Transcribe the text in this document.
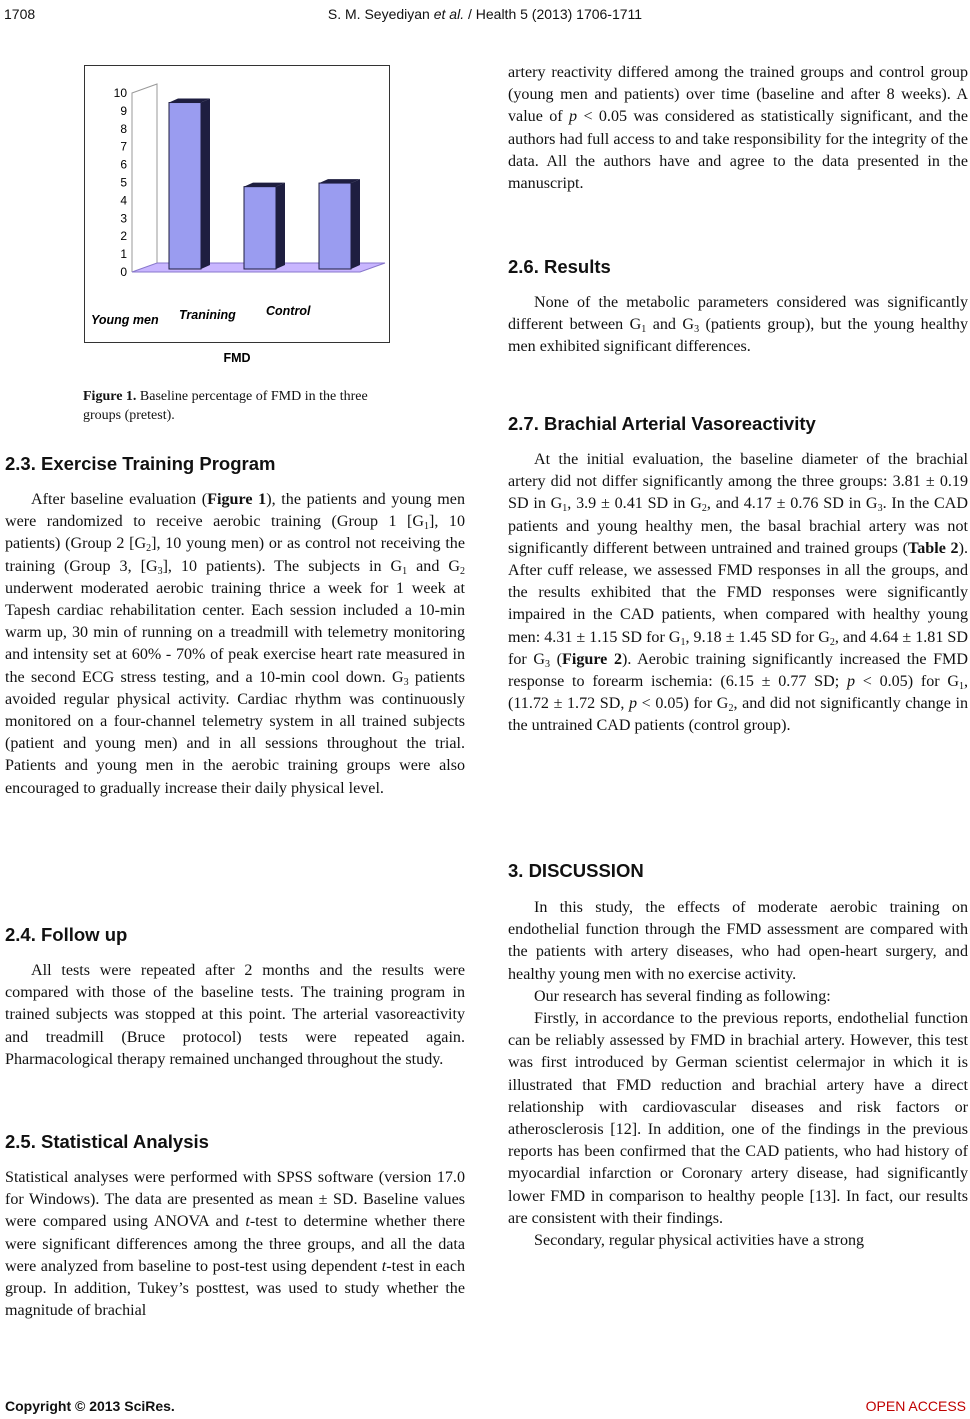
1708	S. M. Seyediyan et al. / Health 5 (2013) 1706-1711
0
1
2
3
4
5
6
7
8
9
10
Young men Tranining Control
FMD
Figure 1. Baseline percentage of FMD in the three groups (pretest).
2.3. Exercise Training Program

After baseline evaluation (Figure 1), the patients and young men were randomized to receive aerobic training (Group 1 $[G_1]$, 10 patients) (Group 2 $[G_2]$, 10 young men) or as control not receiving the training (Group 3, $[G_3]$, 10 patients). The subjects in $G_1$ and $G_2$ underwent moderated aerobic training thrice a week for 1 week at Tapesh cardiac rehabilitation center. Each session included a 10-min warm up, 30 min of running on a treadmill with telemetry monitoring and intensity set at 60% - 70% of peak exercise heart rate measured in the second ECG stress testing, and a 10-min cool down. $G_3$ patients avoided regular physical activity. Cardiac rhythm was continuously monitored on a four-channel telemetry system in all trained subjects (patient and young men) and in all sessions throughout the trial. Patients and young men in the aerobic training groups were also encouraged to gradually increase their daily physical level.

2.4. Follow up

All tests were repeated after 2 months and the results were compared with those of the baseline tests. The training program in trained subjects was stopped at this point. The arterial vasoreactivity and treadmill (Bruce protocol) tests were repeated again. Pharmacological therapy remained unchanged throughout the study.

2.5. Statistical Analysis

Statistical analyses were performed with SPSS software (version 17.0 for Windows). The data are presented as mean ± SD. Baseline values were compared using ANOVA and t-test to determine whether there were significant differences among the three groups, and all the data were analyzed from baseline to post-test using dependent t-test in each group. In addition, Tukey’s posttest, was used to study whether the magnitude of brachial

artery reactivity differed among the trained groups and control group (young men and patients) over time (baseline and after 8 weeks). A value of p < 0.05 was considered as statistically significant, and the authors had full access to and take responsibility for the integrity of the data. All the authors have and agree to the data presented in the manuscript.

2.6. Results

None of the metabolic parameters considered was significantly different between $G_1$ and $G_3$ (patients group), but the young healthy men exhibited significant differences.

2.7. Brachial Arterial Vasoreactivity

At the initial evaluation, the baseline diameter of the brachial artery did not differ significantly among the three groups: 3.81 ± 0.19 SD in $G_1$, 3.9 ± 0.41 SD in $G_2$, and 4.17 ± 0.76 SD in $G_3$. In the CAD patients and young healthy men, the basal brachial artery was not significantly different between untrained and trained groups (Table 2). After cuff release, we assessed FMD responses in all the groups, and the results exhibited that the FMD responses were significantly impaired in the CAD patients, when compared with healthy young men: 4.31 ± 1.15 SD for $G_1$, 9.18 ± 1.45 SD for $G_2$, and 4.64 ± 1.81 SD for $G_3$ (Figure 2). Aerobic training significantly increased the FMD response to forearm ischemia: (6.15 ± 0.77 SD; p < 0.05) for $G_1$, (11.72 ± 1.72 SD, p < 0.05) for $G_2$, and did not significantly change in the untrained CAD patients (control group).

3. DISCUSSION

In this study, the effects of moderate aerobic training on endothelial function through the FMD assessment are compared with the patients with artery diseases, who had open-heart surgery, and healthy young men with no exercise activity.

Our research has several finding as following:

Firstly, in accordance to the previous reports, endothelial function can be reliably assessed by FMD in brachial artery. However, this test was first introduced by German scientist celermajor in which it is illustrated that FMD reduction and brachial artery have a direct relationship with cardiovascular diseases and risk factors or atherosclerosis [12]. In addition, one of the findings in the previous reports has been confirmed that the CAD patients, who had history of myocardial infarction or Coronary artery disease, had significantly lower FMD in comparison to healthy people [13]. In fact, our results are consistent with their findings.

Secondary, regular physical activities have a strong

Copyright © 2013 SciRes.	OPEN ACCESS
